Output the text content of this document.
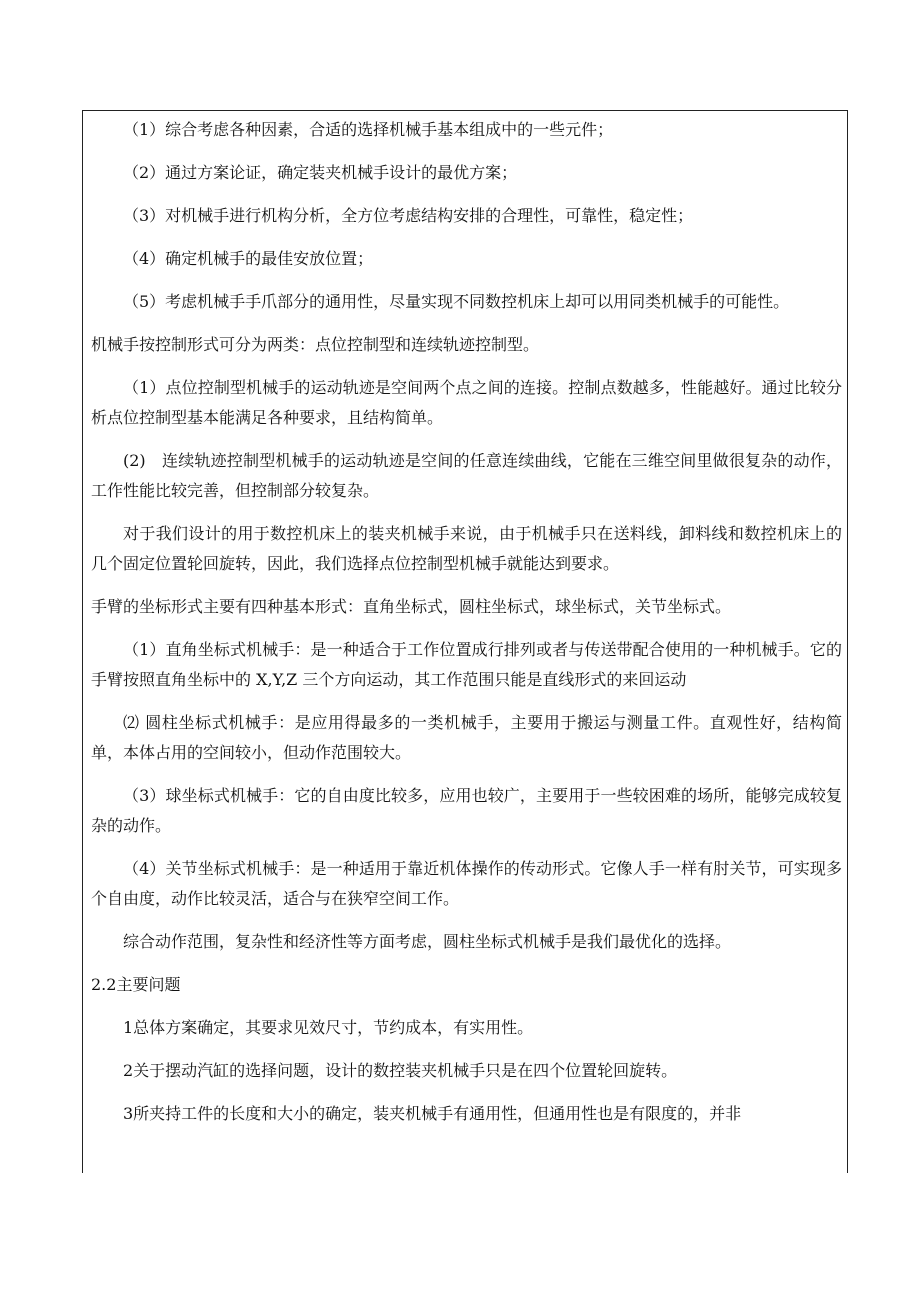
（1）综合考虑各种因素，合适的选择机械手基本组成中的一些元件；

（2）通过方案论证，确定装夹机械手设计的最优方案；

（3）对机械手进行机构分析，全方位考虑结构安排的合理性，可靠性，稳定性；

（4）确定机械手的最佳安放位置；

（5）考虑机械手手爪部分的通用性，尽量实现不同数控机床上却可以用同类机械手的可能性。

机械手按控制形式可分为两类：点位控制型和连续轨迹控制型。

（1）点位控制型机械手的运动轨迹是空间两个点之间的连接。控制点数越多，性能越好。通过比较分析点位控制型基本能满足各种要求，且结构简单。

(2)　连续轨迹控制型机械手的运动轨迹是空间的任意连续曲线，它能在三维空间里做很复杂的动作，工作性能比较完善，但控制部分较复杂。

对于我们设计的用于数控机床上的装夹机械手来说，由于机械手只在送料线，卸料线和数控机床上的几个固定位置轮回旋转，因此，我们选择点位控制型机械手就能达到要求。

手臂的坐标形式主要有四种基本形式：直角坐标式，圆柱坐标式，球坐标式，关节坐标式。

（1）直角坐标式机械手：是一种适合于工作位置成行排列或者与传送带配合使用的一种机械手。它的手臂按照直角坐标中的 X,Y,Z 三个方向运动，其工作范围只能是直线形式的来回运动

⑵ 圆柱坐标式机械手：是应用得最多的一类机械手，主要用于搬运与测量工件。直观性好，结构简单，本体占用的空间较小，但动作范围较大。

（3）球坐标式机械手：它的自由度比较多，应用也较广，主要用于一些较困难的场所，能够完成较复杂的动作。

（4）关节坐标式机械手：是一种适用于靠近机体操作的传动形式。它像人手一样有肘关节，可实现多个自由度，动作比较灵活，适合与在狭窄空间工作。

综合动作范围，复杂性和经济性等方面考虑，圆柱坐标式机械手是我们最优化的选择。

2.2主要问题

1总体方案确定，其要求见效尺寸，节约成本，有实用性。

2关于摆动汽缸的选择问题，设计的数控装夹机械手只是在四个位置轮回旋转。

3所夹持工件的长度和大小的确定，装夹机械手有通用性，但通用性也是有限度的，并非
